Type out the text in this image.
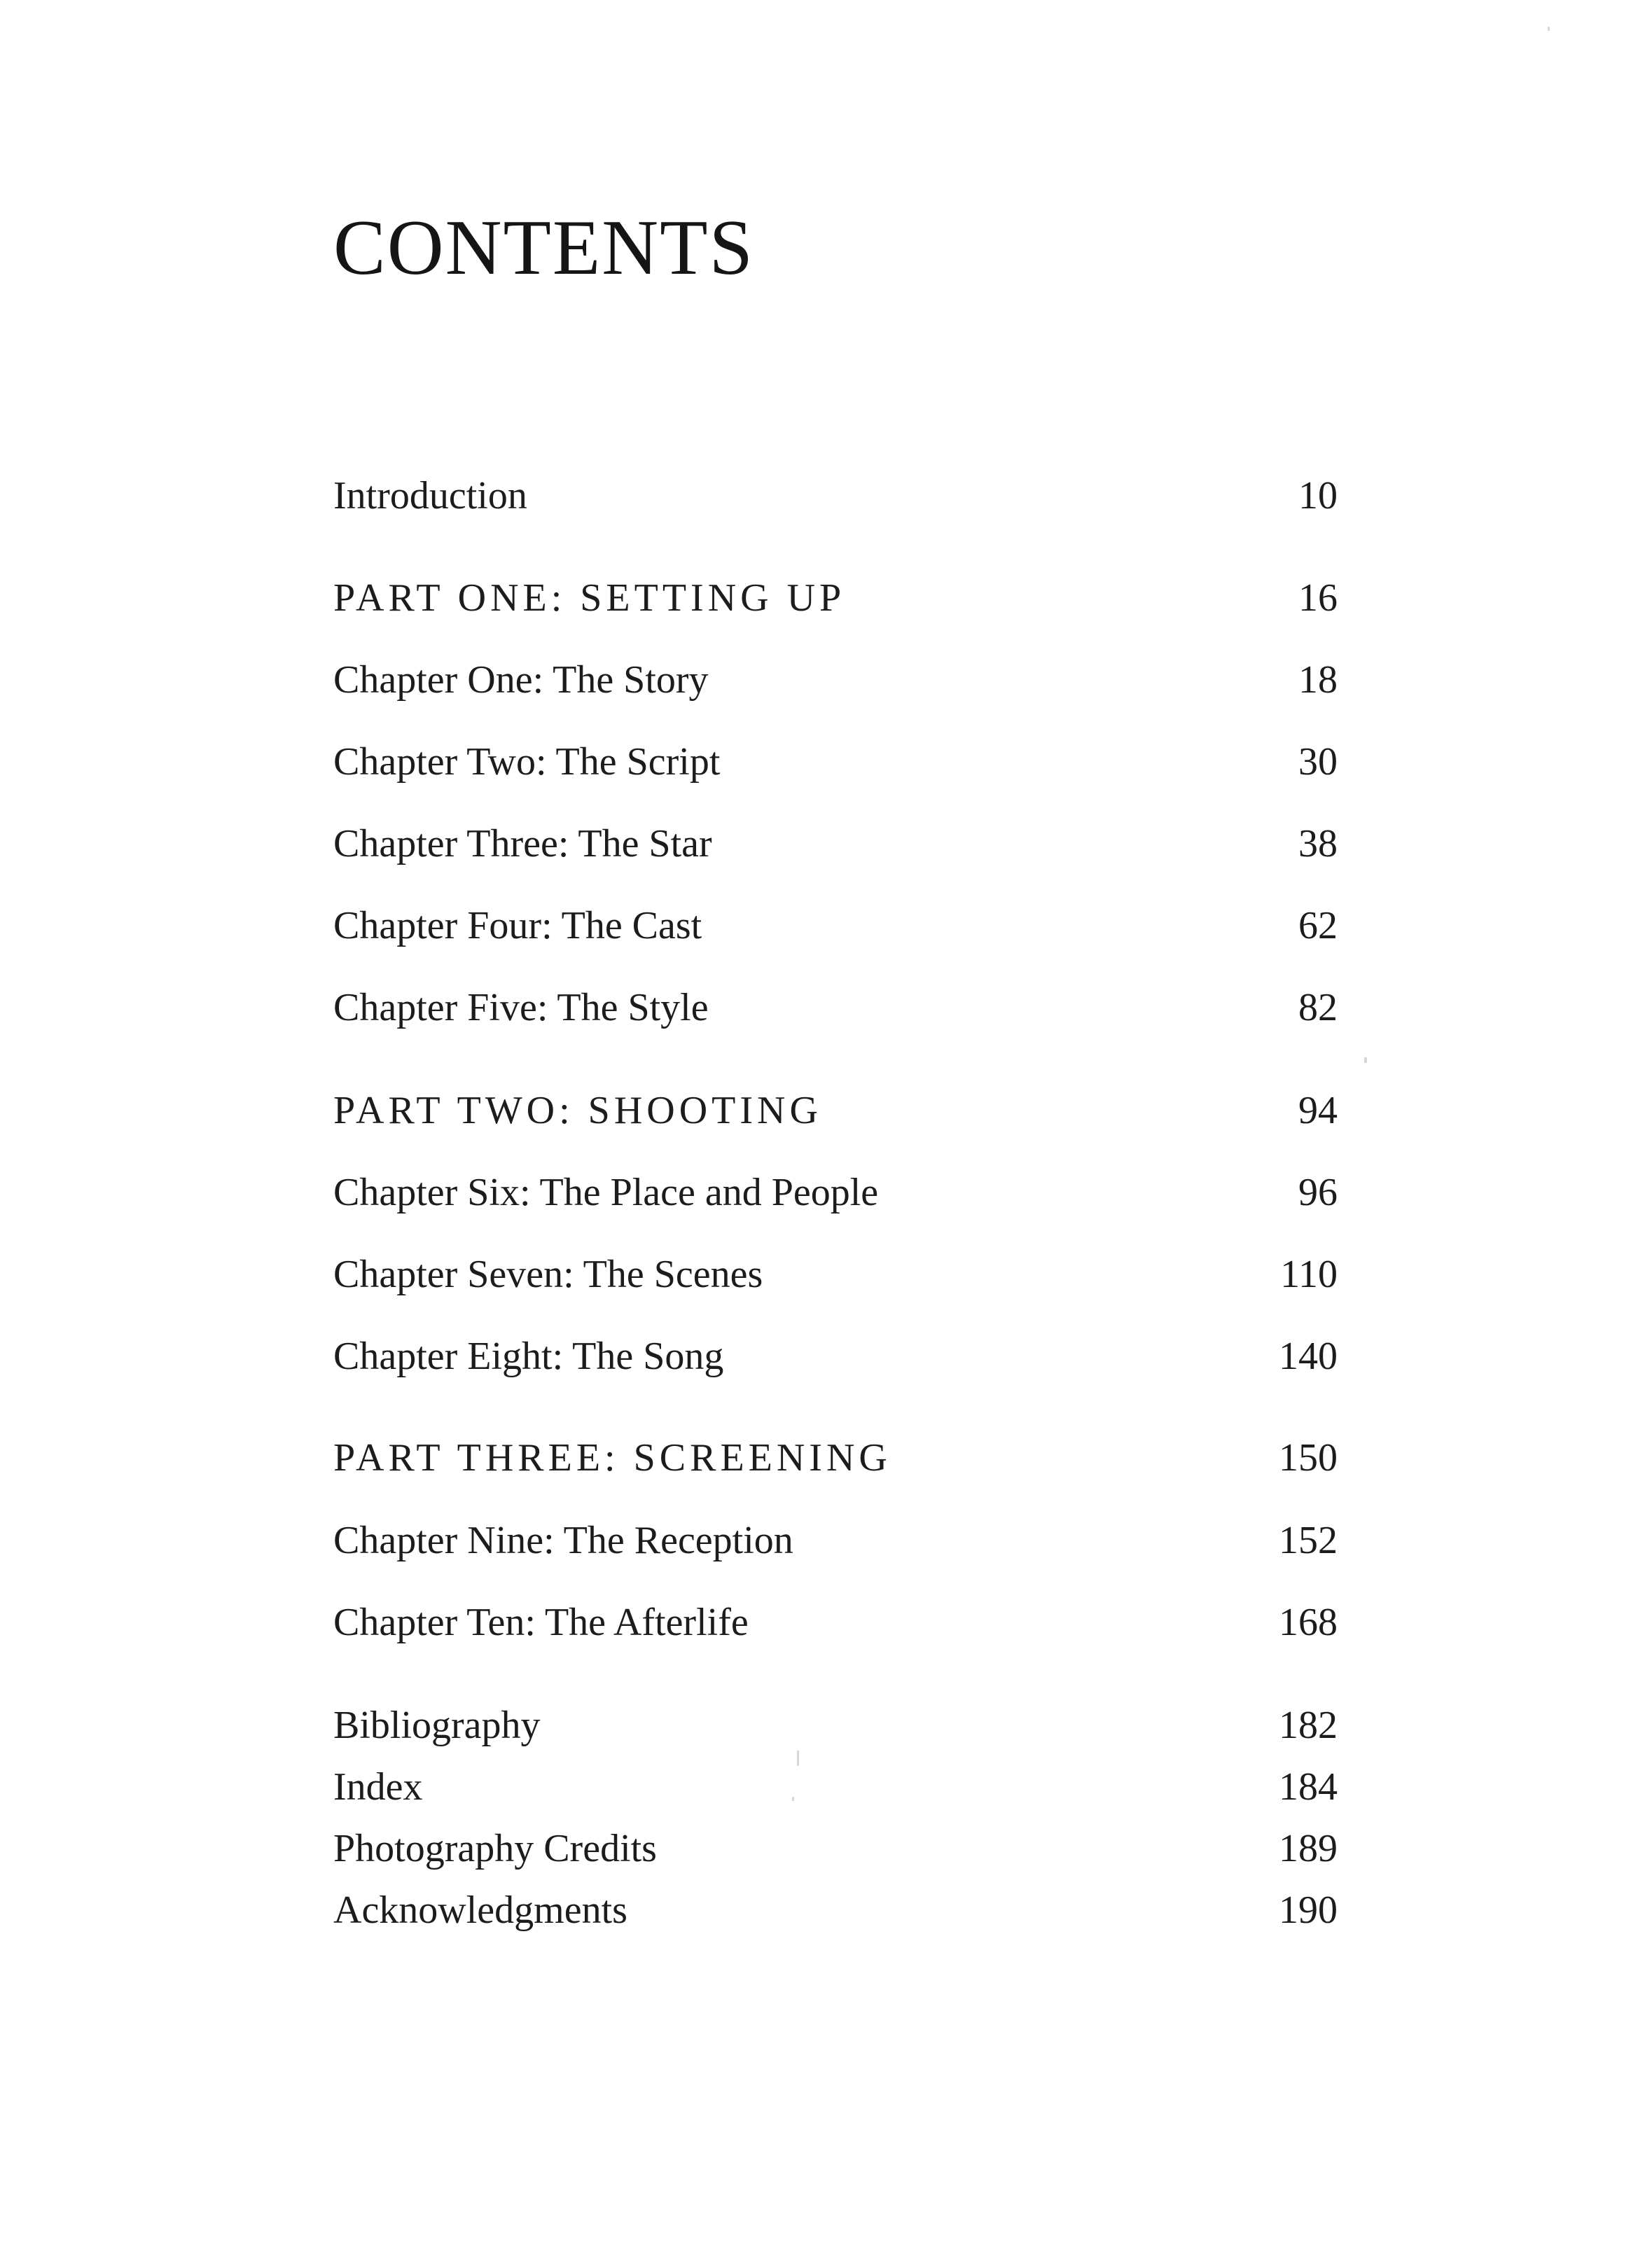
CONTENTS
Introduction	10
PART ONE: SETTING UP	16
Chapter One: The Story	18
Chapter Two: The Script	30
Chapter Three: The Star	38
Chapter Four: The Cast	62
Chapter Five: The Style	82
PART TWO: SHOOTING	94
Chapter Six: The Place and People	96
Chapter Seven: The Scenes	110
Chapter Eight: The Song	140
PART THREE: SCREENING	150
Chapter Nine: The Reception	152
Chapter Ten: The Afterlife	168
Bibliography	182
Index	184
Photography Credits	189
Acknowledgments	190
